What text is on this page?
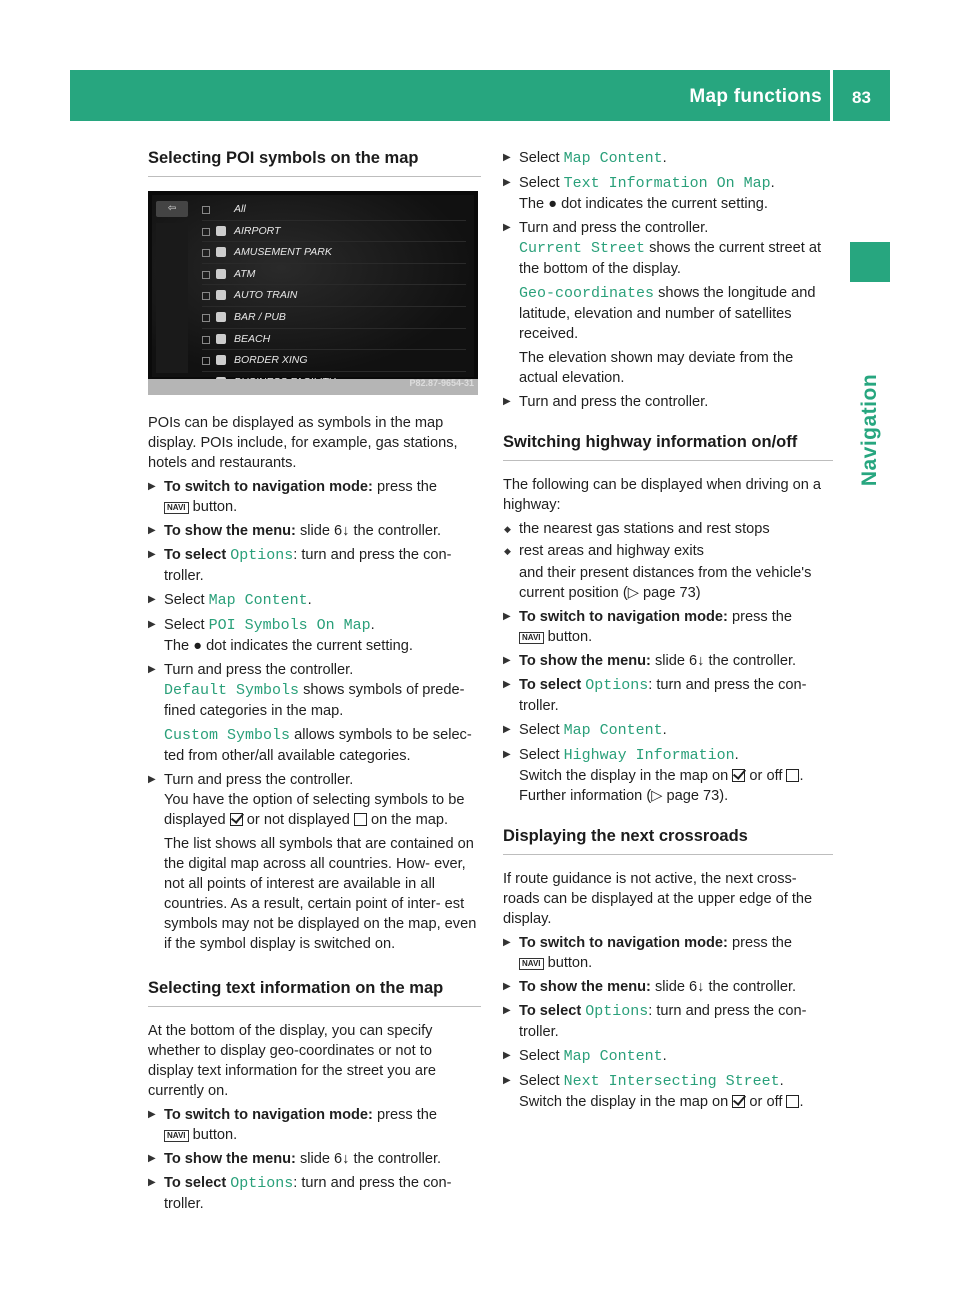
Map functions	83
Navigation
Selecting POI symbols on the map
⇦	All
AIRPORT
AMUSEMENT PARK
ATM
AUTO TRAIN
BAR / PUB
BEACH
BORDER XING
P82.87-9654-31

POIs can be displayed as symbols in the map display. POIs include, for example, gas stations, hotels and restaurants.

▶ To switch to navigation mode: press the
NAVI button.
▶ To show the menu: slide 6↓ the controller.
▶ To select Options: turn and press the con- troller.
▶ Select Map Content.
▶ Select POI Symbols On Map.
The ● dot indicates the current setting.
▶ Turn and press the controller.
Default Symbols shows symbols of prede- fined categories in the map.
Custom Symbols allows symbols to be selec- ted from other/all available categories.
▶ Turn and press the controller.
You have the option of selecting symbols to be displayed or not displayed on the map.
The list shows all symbols that are contained on the digital map across all countries. How- ever, not all points of interest are available in all countries. As a result, certain point of inter- est symbols may not be displayed on the map, even if the symbol display is switched on.
Selecting text information on the map

At the bottom of the display, you can specify whether to display geo-coordinates or not to display text information for the street you are currently on.

▶ To switch to navigation mode: press the
NAVI button.
▶ To show the menu: slide 6↓ the controller.
▶ To select Options: turn and press the con- troller.
▶ Select Map Content.
▶ Select Text Information On Map.
The ● dot indicates the current setting.
▶ Turn and press the controller.
Current Street shows the current street at the bottom of the display.
Geo-coordinates shows the longitude and latitude, elevation and number of satellites received.
The elevation shown may deviate from the actual elevation.
▶ Turn and press the controller.
Switching highway information on/off

The following can be displayed when driving on a highway:

◆ the nearest gas stations and rest stops
◆ rest areas and highway exits
and their present distances from the vehicle's current position (▷ page 73)
▶ To switch to navigation mode: press the
NAVI button.
▶ To show the menu: slide 6↓ the controller.
▶ To select Options: turn and press the con- troller.
▶ Select Map Content.
▶ Select Highway Information.
Switch the display in the map on or off .
Further information (▷ page 73).
Displaying the next crossroads

If route guidance is not active, the next cross- roads can be displayed at the upper edge of the display.

▶ To switch to navigation mode: press the
NAVI button.
▶ To show the menu: slide 6↓ the controller.
▶ To select Options: turn and press the con- troller.
▶ Select Map Content.
▶ Select Next Intersecting Street.
Switch the display in the map on or off .
